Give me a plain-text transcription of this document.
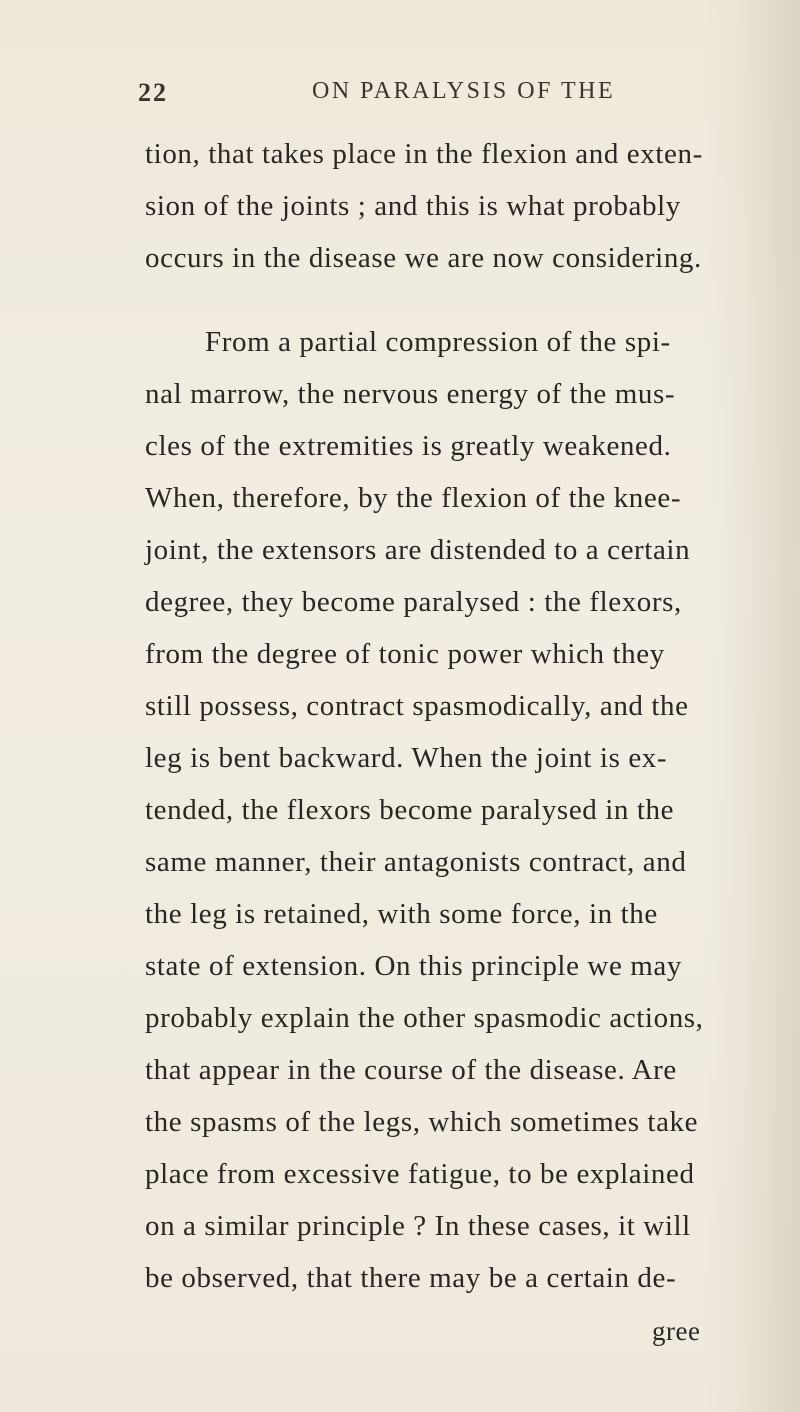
22	ON PARALYSIS OF THE
tion, that takes place in the flexion and exten-
sion of the joints ; and this is what probably
occurs in the disease we are now considering.
From a partial compression of the spi-
nal marrow, the nervous energy of the mus-
cles of the extremities is greatly weakened.
When, therefore, by the flexion of the knee-
joint, the extensors are distended to a certain
degree, they become paralysed : the flexors,
from the degree of tonic power which they
still possess, contract spasmodically, and the
leg is bent backward. When the joint is ex-
tended, the flexors become paralysed in the
same manner, their antagonists contract, and
the leg is retained, with some force, in the
state of extension. On this principle we may
probably explain the other spasmodic actions,
that appear in the course of the disease. Are
the spasms of the legs, which sometimes take
place from excessive fatigue, to be explained
on a similar principle ? In these cases, it will
be observed, that there may be a certain de-
gree
